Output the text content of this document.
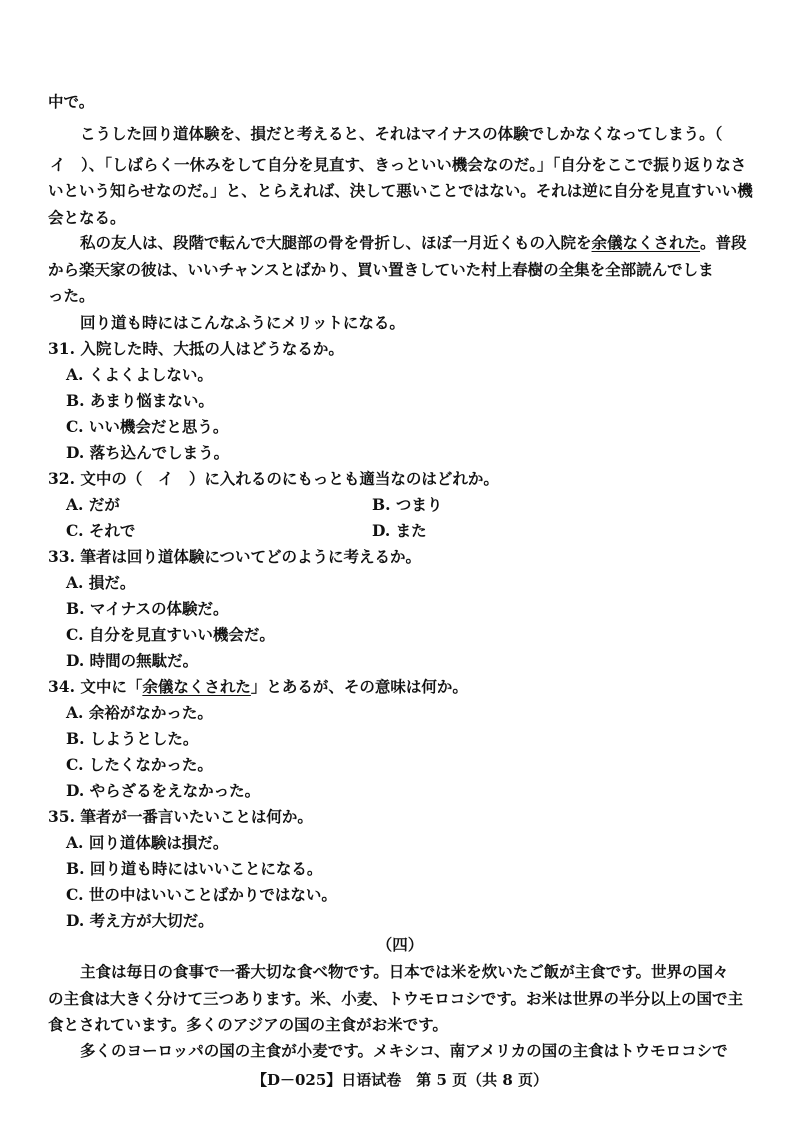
中で。
こうした回り道体験を、損だと考えると、それはマイナスの体験でしかなくなってしまう。（
イ　）、「しばらく一休みをして自分を見直す、きっといい機会なのだ。」「自分をここで振り返りなさ
いという知らせなのだ。」と、とらえれば、決して悪いことではない。それは逆に自分を見直すいい機
会となる。
私の友人は、段階で転んで大腿部の骨を骨折し、ほぼ一月近くもの入院を余儀なくされた。普段
から楽天家の彼は、いいチャンスとばかり、買い置きしていた村上春樹の全集を全部読んでしま
った。
回り道も時にはこんなふうにメリットになる。
31. 入院した時、大抵の人はどうなるか。
A. くよくよしない。
B. あまり悩まない。
C. いい機会だと思う。
D. 落ち込んでしまう。
32. 文中の（　イ　）に入れるのにもっとも適当なのはどれか。
A. だが	B. つまり
C. それで	D. また
33. 筆者は回り道体験についてどのように考えるか。
A. 損だ。
B. マイナスの体験だ。
C. 自分を見直すいい機会だ。
D. 時間の無駄だ。
34. 文中に「余儀なくされた」とあるが、その意味は何か。
A. 余裕がなかった。
B. しようとした。
C. したくなかった。
D. やらざるをえなかった。
35. 筆者が一番言いたいことは何か。
A. 回り道体験は損だ。
B. 回り道も時にはいいことになる。
C. 世の中はいいことばかりではない。
D. 考え方が大切だ。
（四）
主食は毎日の食事で一番大切な食べ物です。日本では米を炊いたご飯が主食です。世界の国々
の主食は大きく分けて三つあります。米、小麦、トウモロコシです。お米は世界の半分以上の国で主
食とされています。多くのアジアの国の主食がお米です。
多くのヨーロッパの国の主食が小麦です。メキシコ、南アメリカの国の主食はトウモロコシで
【D－025】日语试卷　第 5 页（共 8 页）
